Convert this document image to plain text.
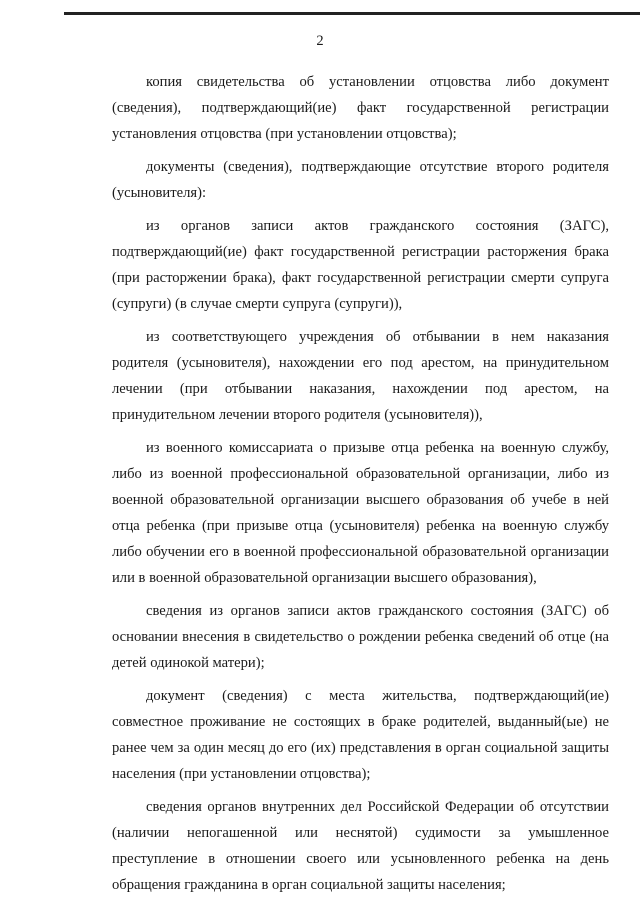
2

копия свидетельства об установлении отцовства либо документ (сведения), подтверждающий(ие) факт государственной регистрации установления отцовства (при установлении отцовства);

документы (сведения), подтверждающие отсутствие второго родителя (усыновителя):

из органов записи актов гражданского состояния (ЗАГС), подтверждающий(ие) факт государственной регистрации расторжения брака (при расторжении брака), факт государственной регистрации смерти супруга (супруги) (в случае смерти супруга (супруги)),

из соответствующего учреждения об отбывании в нем наказания родителя (усыновителя), нахождении его под арестом, на принудительном лечении (при отбывании наказания, нахождении под арестом, на принудительном лечении второго родителя (усыновителя)),

из военного комиссариата о призыве отца ребенка на военную службу, либо из военной профессиональной образовательной организации, либо из военной образовательной организации высшего образования об учебе в ней отца ребенка (при призыве отца (усыновителя) ребенка на военную службу либо обучении его в военной профессиональной образовательной организации или в военной образовательной организации высшего образования),

сведения из органов записи актов гражданского состояния (ЗАГС) об основании внесения в свидетельство о рождении ребенка сведений об отце (на детей одинокой матери);

документ (сведения) с места жительства, подтверждающий(ие) совместное проживание не состоящих в браке родителей, выданный(ые) не ранее чем за один месяц до его (их) представления в орган социальной защиты населения (при установлении отцовства);

сведения органов внутренних дел Российской Федерации об отсутствии (наличии непогашенной или неснятой) судимости за умышленное преступление в отношении своего или усыновленного ребенка на день обращения гражданина в орган социальной защиты населения;
